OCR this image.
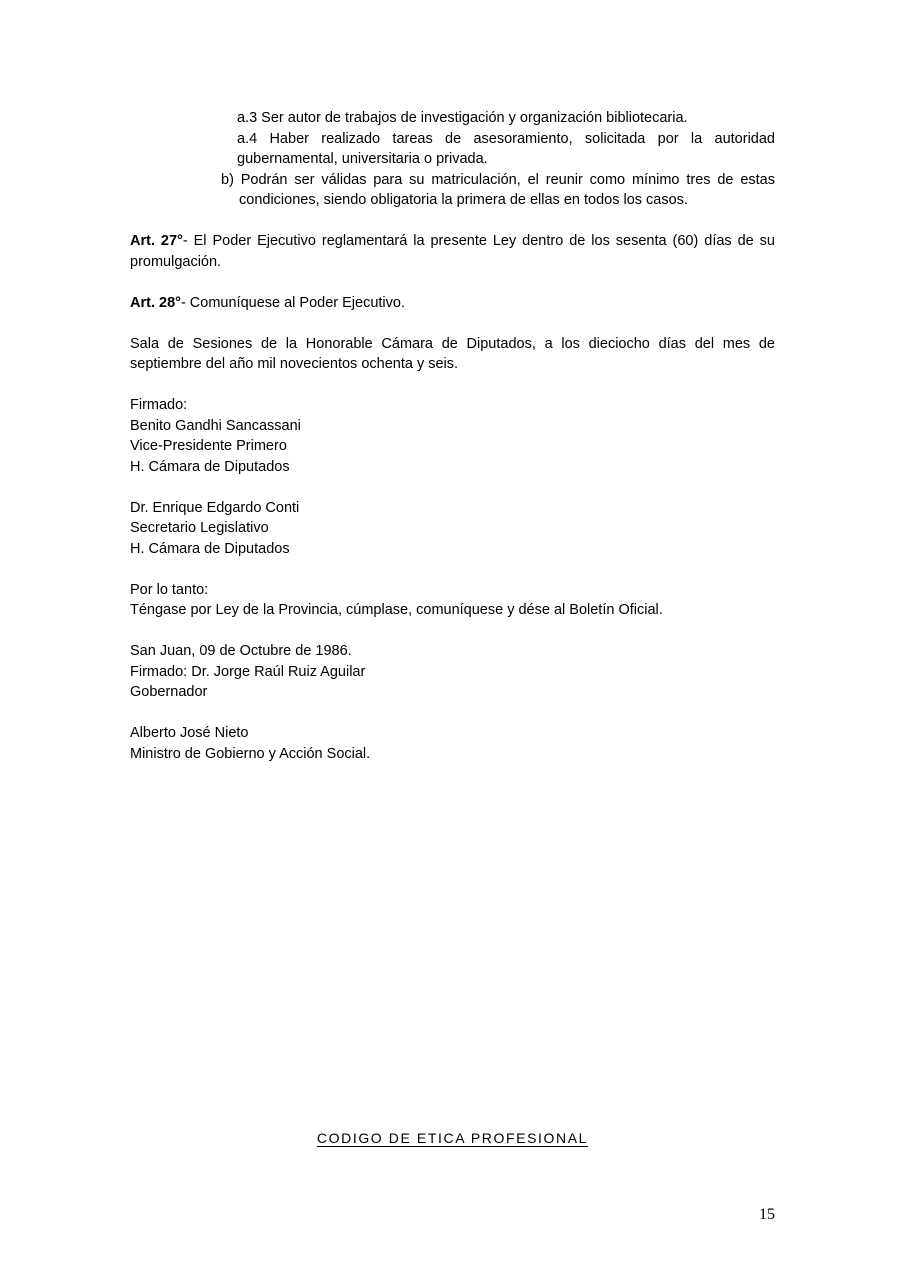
a.3 Ser autor de trabajos de investigación y organización bibliotecaria.
a.4 Haber realizado tareas de asesoramiento, solicitada por la autoridad gubernamental, universitaria o privada.
b) Podrán ser válidas para su matriculación, el reunir como mínimo tres de estas condiciones, siendo obligatoria la primera de ellas en todos los casos.
Art. 27°- El Poder Ejecutivo reglamentará la presente Ley dentro de los sesenta (60) días de su promulgación.
Art. 28°- Comuníquese al Poder Ejecutivo.
Sala de Sesiones de la Honorable Cámara de Diputados, a los dieciocho días del mes de septiembre del año mil novecientos ochenta y seis.
Firmado:
Benito Gandhi Sancassani
Vice-Presidente Primero
H. Cámara de Diputados
Dr. Enrique Edgardo Conti
Secretario Legislativo
H. Cámara de Diputados
Por lo tanto:
Téngase por Ley de la Provincia, cúmplase, comuníquese y dése al Boletín Oficial.
San Juan, 09 de Octubre de 1986.
Firmado: Dr. Jorge Raúl Ruiz Aguilar
Gobernador
Alberto José Nieto
Ministro de Gobierno y Acción Social.
CODIGO DE ETICA PROFESIONAL
15
